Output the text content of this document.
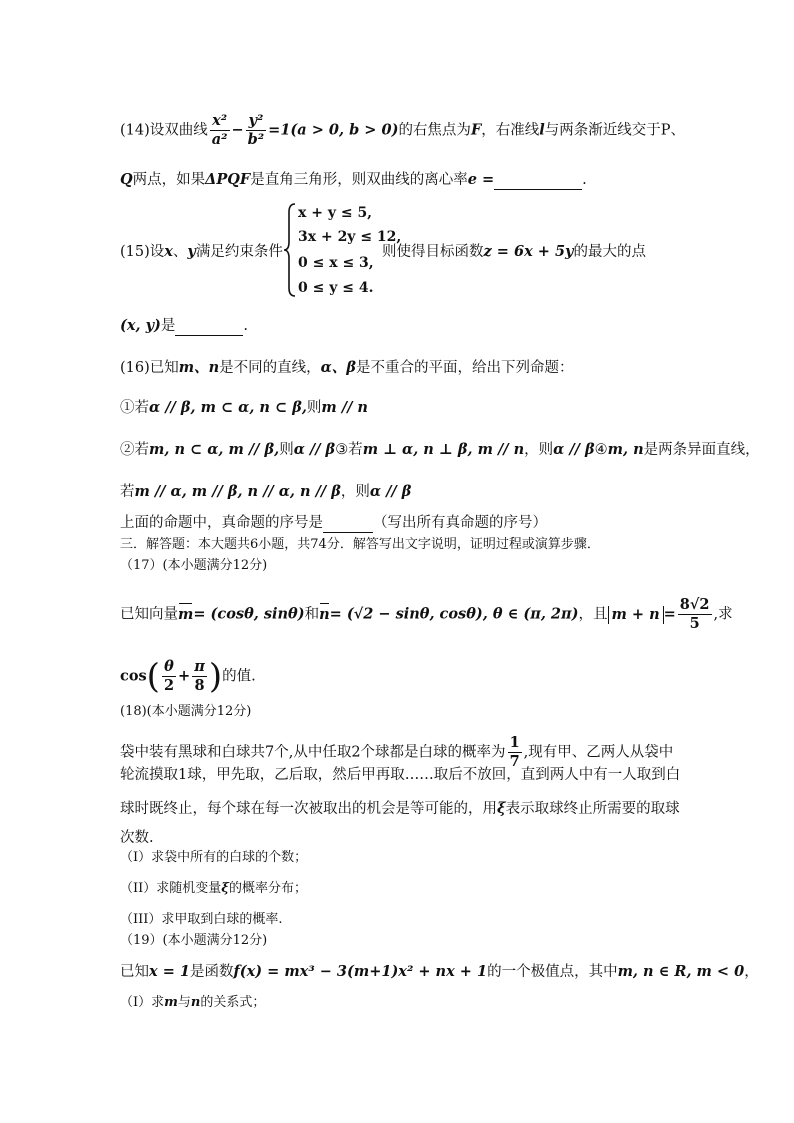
(14)设双曲线 $\frac{\text{x²}}{\text{a²}} - \frac{\text{y²}}{\text{b²}} =1(a > 0$, b > 0)的右焦点为F，右准线l与两条渐近线交于P、
Q两点，如果ΔPQF是直角三角形，则双曲线的离心率e =	.
(15)设x、y满足约束条件
x + y ≤ 5,
3x + 2y ≤ 12,
0 ≤ x ≤ 3,
0 ≤ y ≤ 4.
则使得目标函数z = 6x + 5y的最大的点
(x, y)是	.
(16)已知m、n是不同的直线，α、β是不重合的平面，给出下列命题：
①若α // β, m ⊂ α, n ⊂ β,则m // n
②若m, n ⊂ α, m // β,则α // β③若m ⊥ α, n ⊥ β, m // n，则α // β④m, n是两条异面直线，
若m // α, m // β, n // α, n // β，则α // β
上面的命题中，真命题的序号是	（写出所有真命题的序号）
三．解答题：本大题共6小题，共74分．解答写出文字说明，证明过程或演算步骤．
（17）(本小题满分12分)
已知向量m= (cosθ, sinθ)和n= (√2 − sinθ, cosθ), θ ∈ (π, 2π)，且 $m + n = \frac{8√2}{5}$ ,求
$\cos( \frac{\theta}{2} + \frac{\pi}{8}$ )的值.
(18)(本小题满分12分)
袋中装有黑球和白球共7个,从中任取2个球都是白球的概率为 $\frac{1}{7}$ ,现有甲、乙两人从袋中
轮流摸取1球，甲先取，乙后取，然后甲再取……取后不放回，直到两人中有一人取到白
球时既终止，每个球在每一次被取出的机会是等可能的，用ξ表示取球终止所需要的取球
次数.
（I）求袋中所有的白球的个数；
（II）求随机变量ξ的概率分布；
（III）求甲取到白球的概率.
（19）(本小题满分12分)
已知x = 1是函数f(x) = mx³ − 3(m+1)x² + nx + 1的一个极值点，其中m, n ∈ R, m < 0，
（I）求m与n的关系式；
